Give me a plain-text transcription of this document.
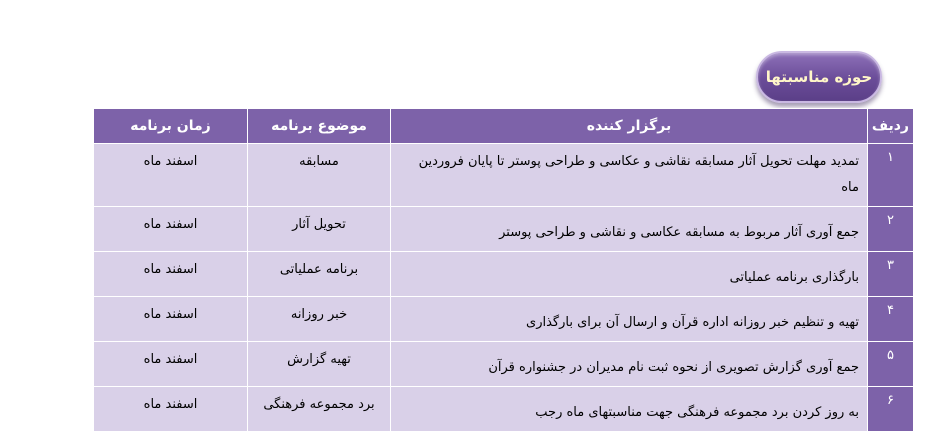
حوزه مناسبتها
ردیف	برگزار کننده	موضوع برنامه	زمان برنامه
۱	تمدید مهلت تحویل آثار مسابقه نقاشی و عکاسی و طراحی پوستر تا پایان فروردین ماه	مسابقه	اسفند ماه
۲	جمع آوری آثار مربوط به مسابقه عکاسی و نقاشی و طراحی پوستر	تحویل آثار	اسفند ماه
۳	بارگذاری برنامه عملیاتی	برنامه عملیاتی	اسفند ماه
۴	تهیه و تنظیم خبر روزانه اداره قرآن و ارسال آن برای بارگذاری	خبر روزانه	اسفند ماه
۵	جمع آوری گزارش تصویری از نحوه ثبت نام مدیران در جشنواره قرآن	تهیه گزارش	اسفند ماه
۶	به روز کردن برد مجموعه فرهنگی جهت مناسبتهای ماه رجب	برد مجموعه فرهنگی	اسفند ماه
